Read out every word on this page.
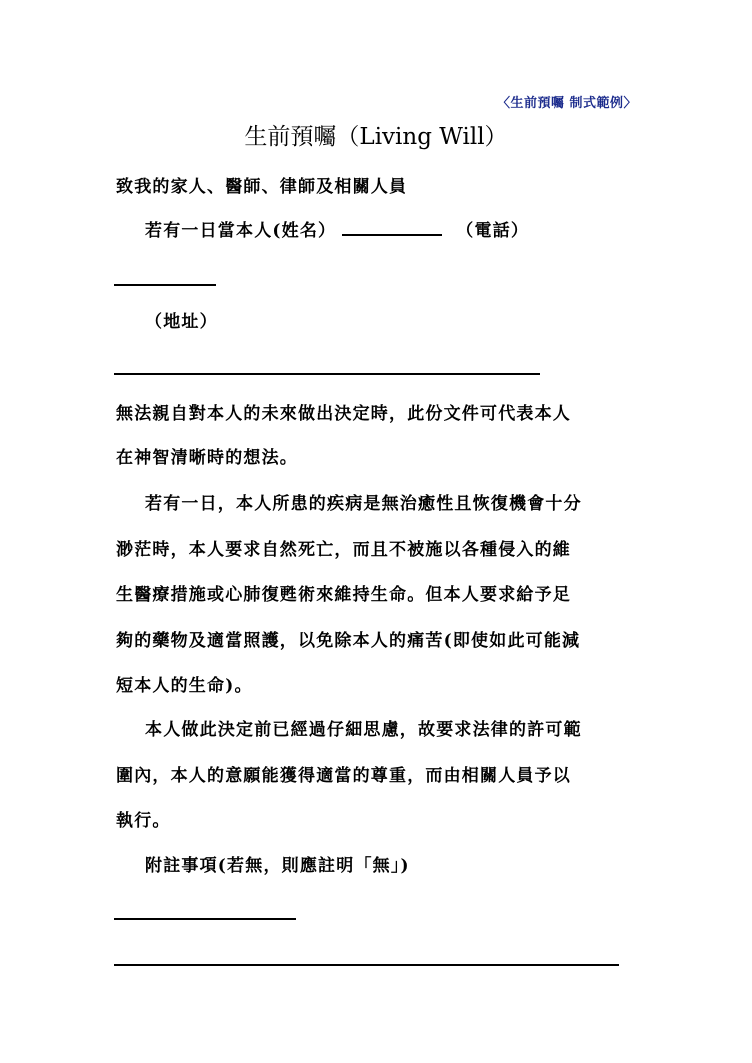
〈生前預囑 制式範例〉
生前預囑（Living Will）
致我的家人、醫師、律師及相關人員
若有一日當本人(姓名）	（電話）
（地址）
無法親自對本人的未來做出決定時，此份文件可代表本人
在神智清晰時的想法。
若有一日，本人所患的疾病是無治癒性且恢復機會十分
渺茫時，本人要求自然死亡，而且不被施以各種侵入的維
生醫療措施或心肺復甦術來維持生命。但本人要求給予足
夠的藥物及適當照護，以免除本人的痛苦(即使如此可能減
短本人的生命)。
本人做此決定前已經過仔細思慮，故要求法律的許可範
圍內，本人的意願能獲得適當的尊重，而由相關人員予以
執行。
附註事項(若無，則應註明「無」)
